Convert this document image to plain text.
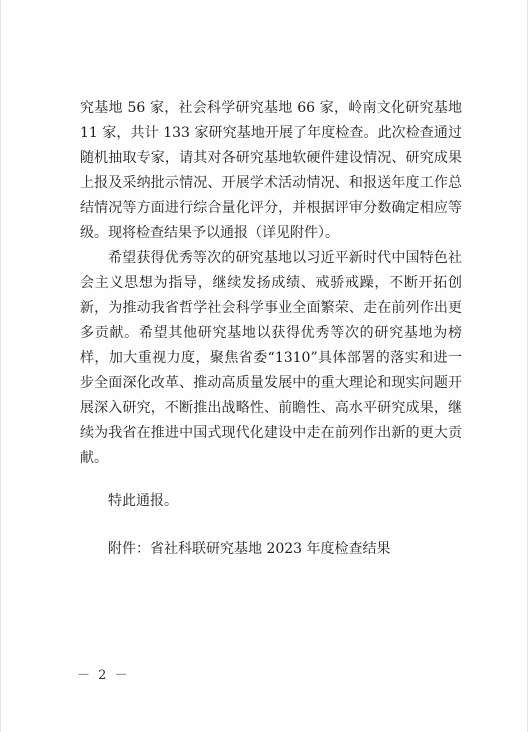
究基地 56 家，社会科学研究基地 66 家，岭南文化研究基地 11 家，共计 133 家研究基地开展了年度检查。此次检查通过随机抽取专家，请其对各研究基地软硬件建设情况、研究成果上报及采纳批示情况、开展学术活动情况、和报送年度工作总结情况等方面进行综合量化评分，并根据评审分数确定相应等级。现将检查结果予以通报（详见附件）。

希望获得优秀等次的研究基地以习近平新时代中国特色社会主义思想为指导，继续发扬成绩、戒骄戒躁，不断开拓创新，为推动我省哲学社会科学事业全面繁荣、走在前列作出更多贡献。希望其他研究基地以获得优秀等次的研究基地为榜样，加大重视力度，聚焦省委“1310”具体部署的落实和进一步全面深化改革、推动高质量发展中的重大理论和现实问题开展深入研究，不断推出战略性、前瞻性、高水平研究成果，继续为我省在推进中国式现代化建设中走在前列作出新的更大贡献。

特此通报。

附件：省社科联研究基地 2023 年度检查结果

－ 2 －
